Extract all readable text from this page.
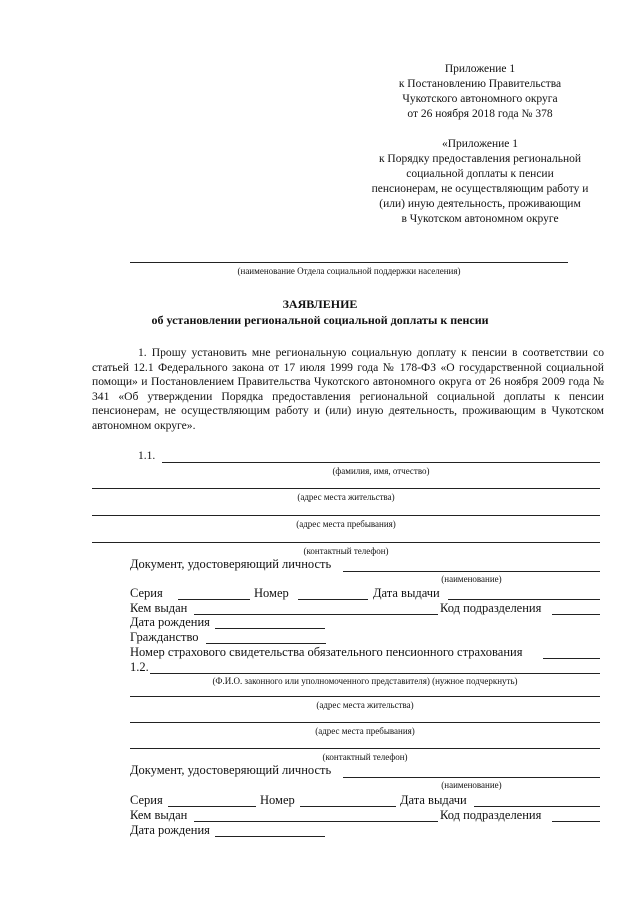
Приложение 1
к Постановлению Правительства
Чукотского автономного округа
от 26 ноября 2018 года № 378
«Приложение 1
к Порядку предоставления региональной
социальной доплаты к пенсии
пенсионерам, не осуществляющим работу и
(или) иную деятельность, проживающим
в Чукотском автономном округе
(наименование Отдела социальной поддержки населения)
ЗАЯВЛЕНИЕ
об установлении региональной социальной доплаты к пенсии
1. Прошу установить мне региональную социальную доплату к пенсии в соответствии со статьей 12.1 Федерального закона от 17 июля 1999 года № 178-ФЗ «О государственной социальной помощи» и Постановлением Правительства Чукотского автономного округа от 26 ноября 2009 года № 341 «Об утверждении Порядка предоставления региональной социальной доплаты к пенсии пенсионерам, не осуществляющим работу и (или) иную деятельность, проживающим в Чукотском автономном округе».
1.1.
(фамилия, имя, отчество)
(адрес места жительства)
(адрес места пребывания)
(контактный телефон)
Документ, удостоверяющий личность
(наименование)
Серия	Номер	Дата выдачи
Кем выдан	Код подразделения
Дата рождения
Гражданство
Номер страхового свидетельства обязательного пенсионного страхования
1.2.
(Ф.И.О. законного или уполномоченного представителя) (нужное подчеркнуть)
(адрес места жительства)
(адрес места пребывания)
(контактный телефон)
Документ, удостоверяющий личность
(наименование)
Серия	Номер	Дата выдачи
Кем выдан	Код подразделения
Дата рождения
